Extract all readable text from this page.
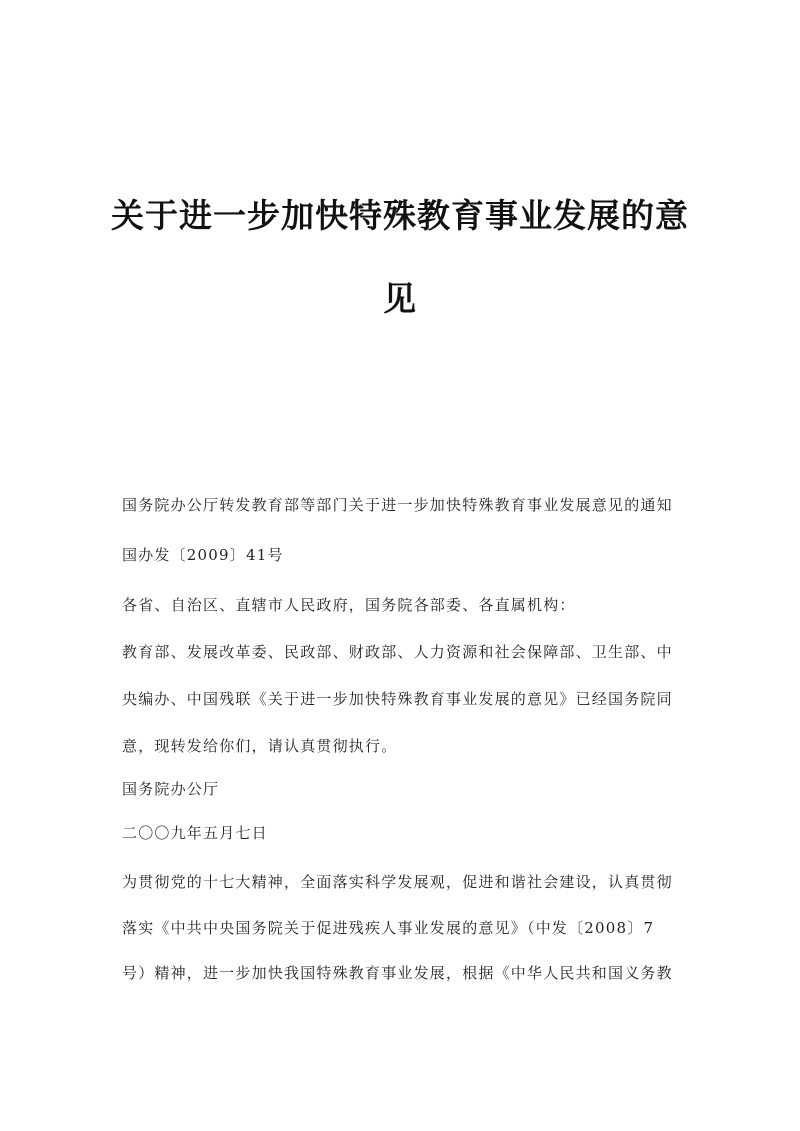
关于进一步加快特殊教育事业发展的意
见
国务院办公厅转发教育部等部门关于进一步加快特殊教育事业发展意见的通知
国办发〔2009〕41号
各省、自治区、直辖市人民政府，国务院各部委、各直属机构：
教育部、发展改革委、民政部、财政部、人力资源和社会保障部、卫生部、中
央编办、中国残联《关于进一步加快特殊教育事业发展的意见》已经国务院同
意，现转发给你们，请认真贯彻执行。
国务院办公厅
二〇〇九年五月七日
为贯彻党的十七大精神，全面落实科学发展观，促进和谐社会建设，认真贯彻
落实《中共中央国务院关于促进残疾人事业发展的意见》（中发〔2008〕7
号）精神，进一步加快我国特殊教育事业发展，根据《中华人民共和国义务教
